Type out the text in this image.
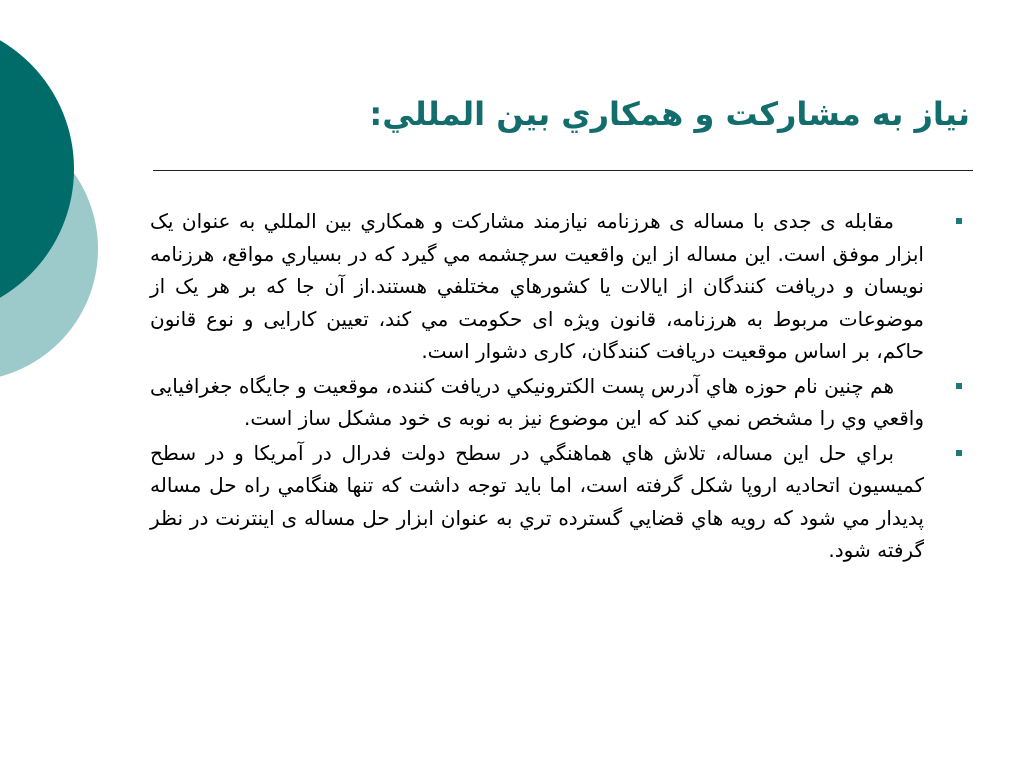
نياز به مشاركت و همكاري بين المللي:
مقابله ی جدی با مساله ی هرزنامه نيازمند مشاركت و همكاري بين المللي به عنوان یک ابزار موفق است. این مساله از این واقعيت سرچشمه مي گيرد كه در بسياري مواقع، هرزنامه نويسان و دريافت كنندگان از ايالات يا كشورهاي مختلفي هستند.از آن جا که بر هر یک از موضوعات مربوط به هرزنامه، قانون ویژه ای حکومت مي كند، تعيين کارایی و نوع قانون حاكم، بر اساس موقعيت دريافت كنندگان، کاری دشوار است.
هم چنين نام حوزه هاي آدرس پست الكترونيكي دريافت كننده، موقعيت و جایگاه جغرافیایی واقعي وي را مشخص نمي كند كه اين موضوع نيز به نوبه ی خود مشكل ساز است.
براي حل اين مساله، تلاش هاي هماهنگي در سطح دولت فدرال در آمريكا و در سطح كميسيون اتحاديه اروپا شكل گرفته است، اما بايد توجه داشت كه تنها هنگامي راه حل مساله پديدار مي شود كه رويه هاي قضايي گسترده تري به عنوان ابزار حل مساله ی اينترنت در نظر گرفته شود.
